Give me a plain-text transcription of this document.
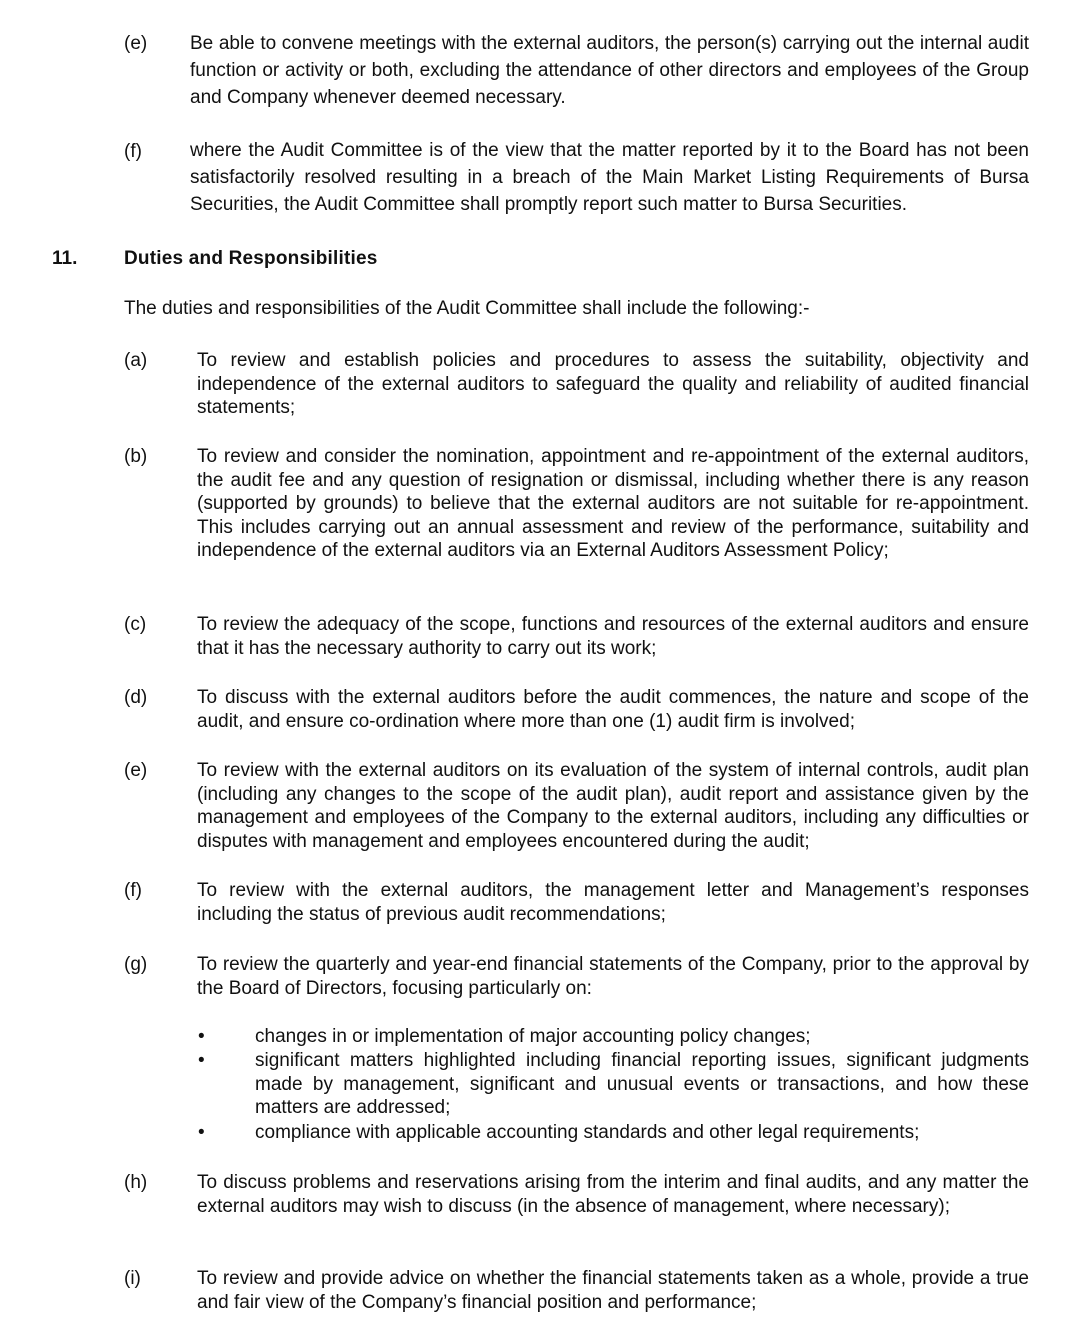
(e) Be able to convene meetings with the external auditors, the person(s) carrying out the internal audit function or activity or both, excluding the attendance of other directors and employees of the Group and Company whenever deemed necessary.
(f)	where the Audit Committee is of the view that the matter reported by it to the Board has not been satisfactorily resolved resulting in a breach of the Main Market Listing Requirements of Bursa Securities, the Audit Committee shall promptly report such matter to Bursa Securities.
11. Duties and Responsibilities
The duties and responsibilities of the Audit Committee shall include the following:-
(a)	To review and establish policies and procedures to assess the suitability, objectivity and independence of the external auditors to safeguard the quality and reliability of audited financial statements;
(b)	To review and consider the nomination, appointment and re-appointment of the external auditors, the audit fee and any question of resignation or dismissal, including whether there is any reason (supported by grounds) to believe that the external auditors are not suitable for re-appointment. This includes carrying out an annual assessment and review of the performance, suitability and independence of the external auditors via an External Auditors Assessment Policy;
(c)	To review the adequacy of the scope, functions and resources of the external auditors and ensure that it has the necessary authority to carry out its work;
(d)	To discuss with the external auditors before the audit commences, the nature and scope of the audit, and ensure co-ordination where more than one (1) audit firm is involved;
(e)	To review with the external auditors on its evaluation of the system of internal controls, audit plan (including any changes to the scope of the audit plan), audit report and assistance given by the management and employees of the Company to the external auditors, including any difficulties or disputes with management and employees encountered during the audit;
(f)	To review with the external auditors, the management letter and Management’s responses including the status of previous audit recommendations;
(g)	To review the quarterly and year-end financial statements of the Company, prior to the approval by the Board of Directors, focusing particularly on:
•	changes in or implementation of major accounting policy changes;
•	significant matters highlighted including financial reporting issues, significant judgments made by management, significant and unusual events or transactions, and how these matters are addressed;
•	compliance with applicable accounting standards and other legal requirements;
(h)	To discuss problems and reservations arising from the interim and final audits, and any matter the external auditors may wish to discuss (in the absence of management, where necessary);
(i)	To review and provide advice on whether the financial statements taken as a whole, provide a true and fair view of the Company’s financial position and performance;
